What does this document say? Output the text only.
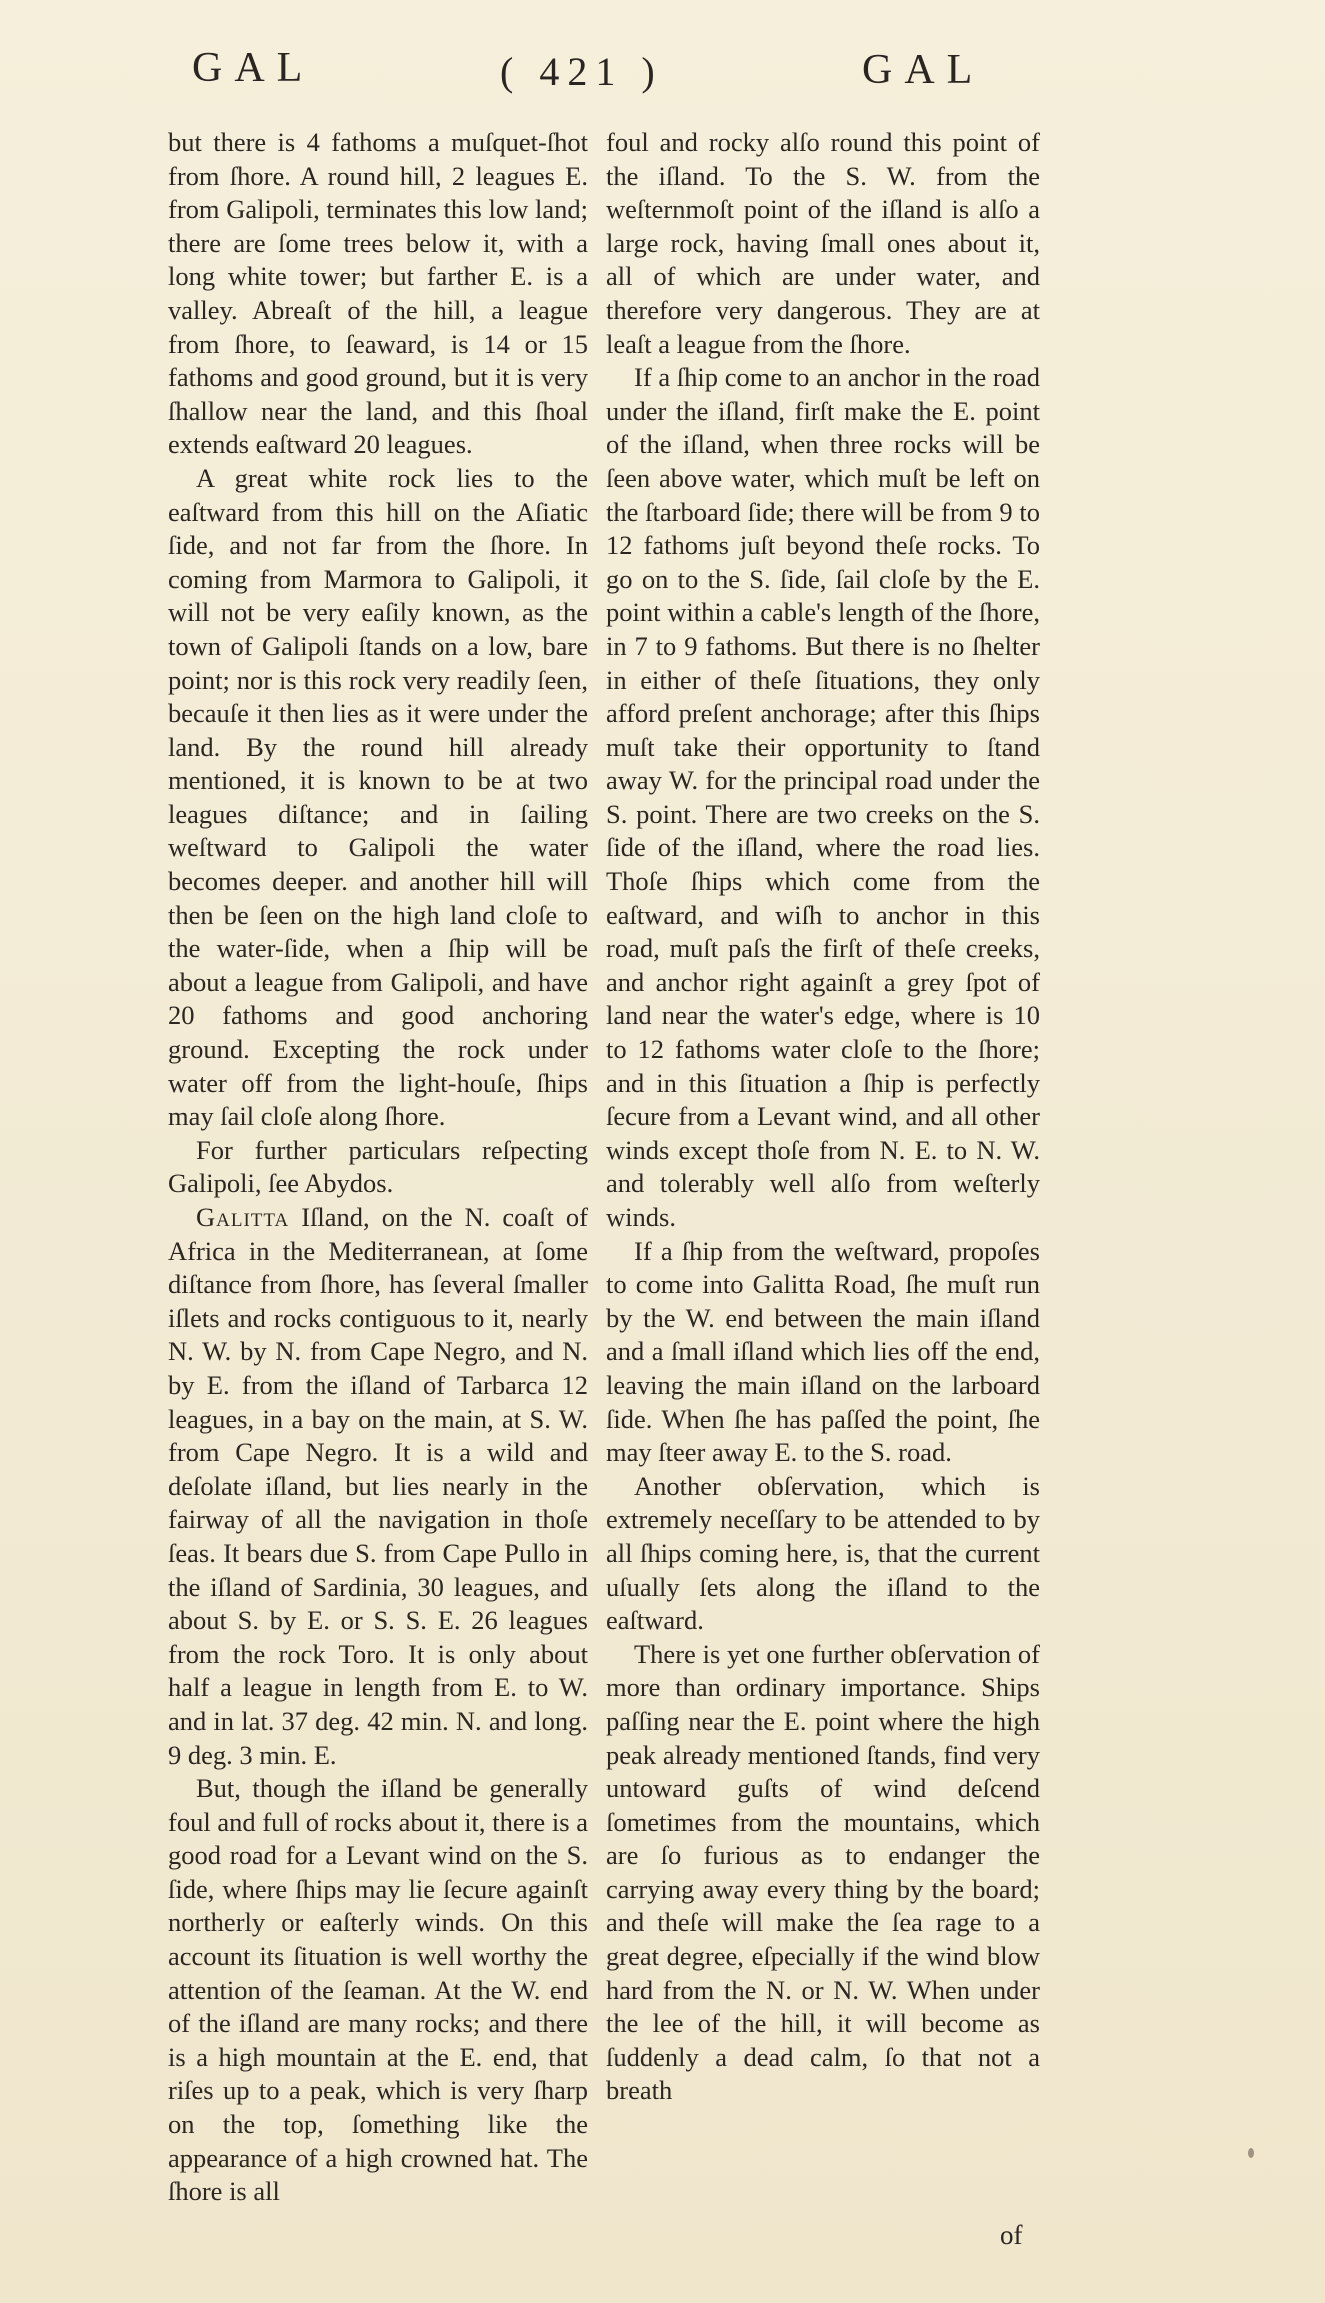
GAL	( 421 )	GAL

but there is 4 fathoms a muſquet-ſhot from ſhore. A round hill, 2 leagues E. from Galipoli, terminates this low land; there are ſome trees below it, with a long white tower; but farther E. is a valley. Abreaſt of the hill, a league from ſhore, to ſeaward, is 14 or 15 fathoms and good ground, but it is very ſhallow near the land, and this ſhoal extends eaſtward 20 leagues.

A great white rock lies to the eaſtward from this hill on the Aſiatic ſide, and not far from the ſhore. In coming from Marmora to Galipoli, it will not be very eaſily known, as the town of Galipoli ſtands on a low, bare point; nor is this rock very readily ſeen, becauſe it then lies as it were under the land. By the round hill already mentioned, it is known to be at two leagues diſtance; and in ſailing weſtward to Galipoli the water becomes deeper. and another hill will then be ſeen on the high land cloſe to the water-ſide, when a ſhip will be about a league from Galipoli, and have 20 fathoms and good anchoring ground. Excepting the rock under water off from the light-houſe, ſhips may ſail cloſe along ſhore.

For further particulars reſpecting Galipoli, ſee Abydos.

Galitta Iſland, on the N. coaſt of Africa in the Mediterranean, at ſome diſtance from ſhore, has ſeveral ſmaller iſlets and rocks contiguous to it, nearly N. W. by N. from Cape Negro, and N. by E. from the iſland of Tarbarca 12 leagues, in a bay on the main, at S. W. from Cape Negro. It is a wild and deſolate iſland, but lies nearly in the fairway of all the navigation in thoſe ſeas. It bears due S. from Cape Pullo in the iſland of Sardinia, 30 leagues, and about S. by E. or S. S. E. 26 leagues from the rock Toro. It is only about half a league in length from E. to W. and in lat. 37 deg. 42 min. N. and long. 9 deg. 3 min. E.

But, though the iſland be generally foul and full of rocks about it, there is a good road for a Levant wind on the S. ſide, where ſhips may lie ſecure againſt northerly or eaſterly winds. On this account its ſituation is well worthy the attention of the ſeaman. At the W. end of the iſland are many rocks; and there is a high mountain at the E. end, that riſes up to a peak, which is very ſharp on the top, ſomething like the appearance of a high crowned hat. The ſhore is all

foul and rocky alſo round this point of the iſland. To the S. W. from the weſternmoſt point of the iſland is alſo a large rock, having ſmall ones about it, all of which are under water, and therefore very dangerous. They are at leaſt a league from the ſhore.

If a ſhip come to an anchor in the road under the iſland, firſt make the E. point of the iſland, when three rocks will be ſeen above water, which muſt be left on the ſtarboard ſide; there will be from 9 to 12 fathoms juſt beyond theſe rocks. To go on to the S. ſide, ſail cloſe by the E. point within a cable's length of the ſhore, in 7 to 9 fathoms. But there is no ſhelter in either of theſe ſituations, they only afford preſent anchorage; after this ſhips muſt take their opportunity to ſtand away W. for the principal road under the S. point. There are two creeks on the S. ſide of the iſland, where the road lies. Thoſe ſhips which come from the eaſtward, and wiſh to anchor in this road, muſt paſs the firſt of theſe creeks, and anchor right againſt a grey ſpot of land near the water's edge, where is 10 to 12 fathoms water cloſe to the ſhore; and in this ſituation a ſhip is perfectly ſecure from a Levant wind, and all other winds except thoſe from N. E. to N. W. and tolerably well alſo from weſterly winds.

If a ſhip from the weſtward, propoſes to come into Galitta Road, ſhe muſt run by the W. end between the main iſland and a ſmall iſland which lies off the end, leaving the main iſland on the larboard ſide. When ſhe has paſſed the point, ſhe may ſteer away E. to the S. road.

Another obſervation, which is extremely neceſſary to be attended to by all ſhips coming here, is, that the current uſually ſets along the iſland to the eaſtward.

There is yet one further obſervation of more than ordinary importance. Ships paſſing near the E. point where the high peak already mentioned ſtands, find very untoward guſts of wind deſcend ſometimes from the mountains, which are ſo furious as to endanger the carrying away every thing by the board; and theſe will make the ſea rage to a great degree, eſpecially if the wind blow hard from the N. or N. W. When under the lee of the hill, it will become as ſuddenly a dead calm, ſo that not a breath

of
